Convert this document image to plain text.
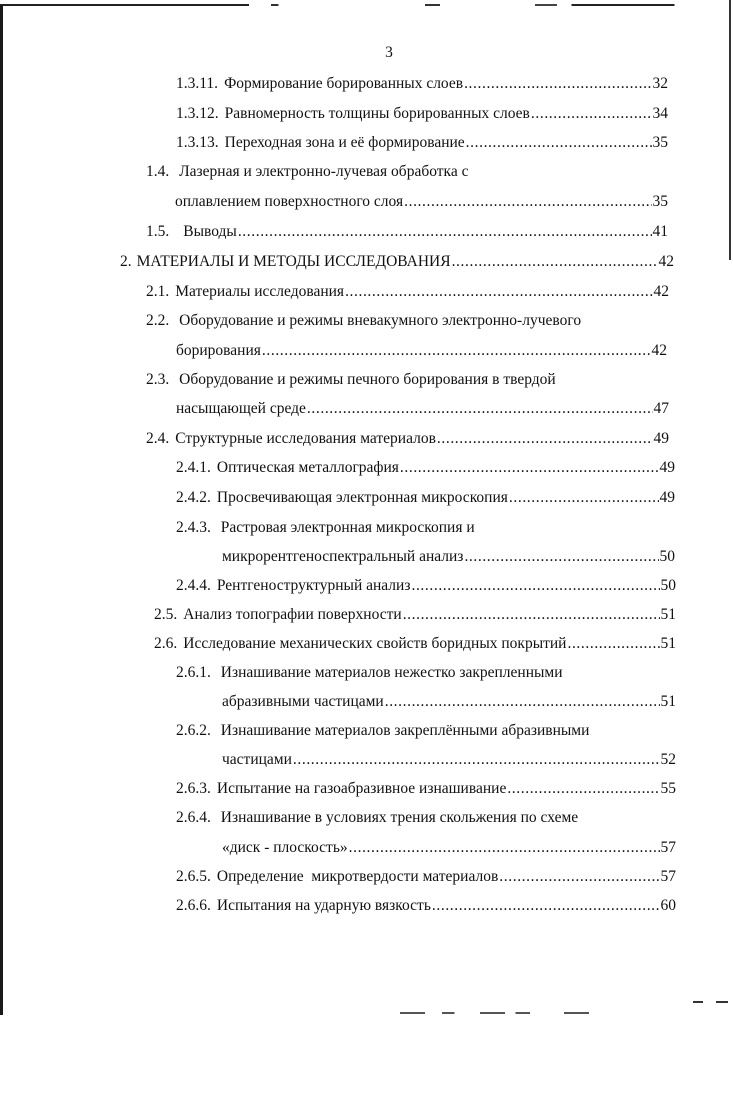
3
1.3.11. Формирование борированных слоев .....	32
1.3.12. Равномерность толщины борированных слоев .....	34
1.3.13. Переходная зона и её формирование .....	35
1.4. Лазерная и электронно-лучевая обработка с
оплавлением поверхностного слоя .....	35
1.5. Выводы .....	41
2. МАТЕРИАЛЫ И МЕТОДЫ ИССЛЕДОВАНИЯ .....	42
2.1. Материалы исследования .....	42
2.2. Оборудование и режимы вневакумного электронно-лучевого
борирования .....	42
2.3. Оборудование и режимы печного борирования в твердой
насыщающей среде .....	47
2.4. Структурные исследования материалов .....	49
2.4.1. Оптическая металлография .....	49
2.4.2. Просвечивающая электронная микроскопия .....	49
2.4.3. Растровая электронная микроскопия и
микрорентгеноспектральный анализ .....	50
2.4.4. Рентгеноструктурный анализ .....	50
2.5. Анализ топографии поверхности .....	51
2.6. Исследование механических свойств боридных покрытий .....	51
2.6.1. Изнашивание материалов нежестко закрепленными
абразивными частицами .....	51
2.6.2. Изнашивание материалов закреплёнными абразивными
частицами .....	52
2.6.3. Испытание на газоабразивное изнашивание .....	55
2.6.4. Изнашивание в условиях трения скольжения по схеме
«диск - плоскость» .....	57
2.6.5. Определение  микротвердости материалов .....	57
2.6.6. Испытания на ударную вязкость .....	60
